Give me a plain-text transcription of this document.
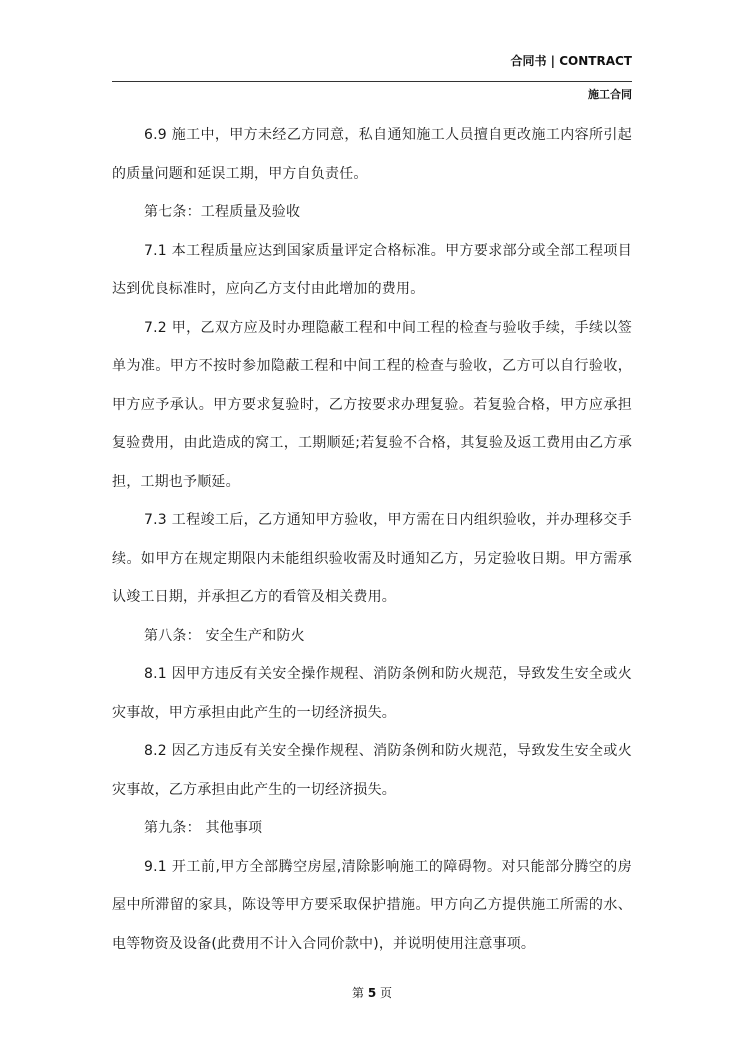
合同书 | CONTRACT
施工合同

6.9 施工中，甲方未经乙方同意，私自通知施工人员擅自更改施工内容所引起的质量问题和延误工期，甲方自负责任。

第七条：工程质量及验收

7.1 本工程质量应达到国家质量评定合格标准。甲方要求部分或全部工程项目达到优良标准时，应向乙方支付由此增加的费用。

7.2 甲，乙双方应及时办理隐蔽工程和中间工程的检查与验收手续，手续以签单为准。甲方不按时参加隐蔽工程和中间工程的检查与验收，乙方可以自行验收，甲方应予承认。甲方要求复验时，乙方按要求办理复验。若复验合格，甲方应承担复验费用，由此造成的窝工，工期顺延;若复验不合格，其复验及返工费用由乙方承担，工期也予顺延。

7.3 工程竣工后，乙方通知甲方验收，甲方需在日内组织验收，并办理移交手续。如甲方在规定期限内未能组织验收需及时通知乙方，另定验收日期。甲方需承认竣工日期，并承担乙方的看管及相关费用。

第八条： 安全生产和防火

8.1 因甲方违反有关安全操作规程、消防条例和防火规范，导致发生安全或火灾事故，甲方承担由此产生的一切经济损失。

8.2 因乙方违反有关安全操作规程、消防条例和防火规范，导致发生安全或火灾事故，乙方承担由此产生的一切经济损失。

第九条： 其他事项

9.1 开工前,甲方全部腾空房屋,清除影响施工的障碍物。对只能部分腾空的房屋中所滞留的家具，陈设等甲方要采取保护措施。甲方向乙方提供施工所需的水、电等物资及设备(此费用不计入合同价款中)，并说明使用注意事项。

第 5 页
